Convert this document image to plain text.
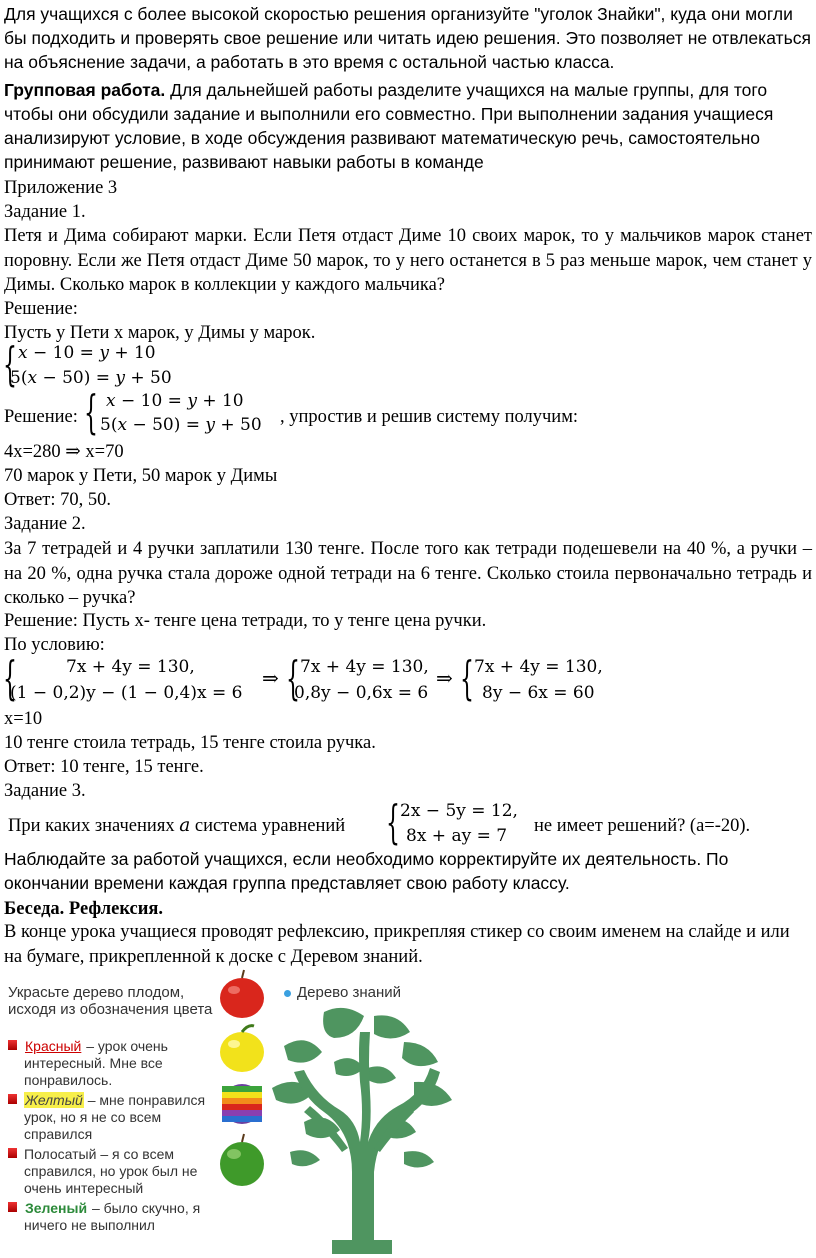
Для учащихся с более высокой скоростью решения организуйте "уголок Знайки", куда они могли бы подходить и проверять свое решение или читать идею решения. Это позволяет не отвлекаться на объяснение задачи, а работать в это время с остальной частью класса.

Групповая работа. Для дальнейшей работы разделите учащихся на малые группы, для того чтобы они обсудили задание и выполнили его совместно. При выполнении задания учащиеся анализируют условие, в ходе обсуждения развивают математическую речь, самостоятельно принимают решение, развивают навыки работы в команде

Приложение 3
Задание 1.

Петя и Дима собирают марки. Если Петя отдаст Диме 10 своих марок, то у мальчиков марок станет поровну. Если же Петя отдаст Диме 50 марок, то у него останется в 5 раз меньше марок, чем станет у Димы. Сколько марок в коллекции у каждого мальчика?

Решение:
Пусть у Пети x марок, у Димы y марок.
{ 𝑥 − 10 = 𝑦 + 10
5(𝑥 − 50) = 𝑦 + 50
Решение: { 𝑥 − 10 = 𝑦 + 10
5(𝑥 − 50) = 𝑦 + 50 , упростив и решив систему получим:
4x=280 ⇒ x=70
70 марок у Пети, 50 марок у Димы
Ответ: 70, 50.
Задание 2.

За 7 тетрадей и 4 ручки заплатили 130 тенге. После того как тетради подешевели на 40 %, а ручки – на 20 %, одна ручка стала дороже одной тетради на 6 тенге. Сколько стоила первоначально тетрадь и сколько – ручка?

Решение: Пусть x- тенге цена тетради, то у тенге цена ручки.
По условию:
{	7x + 4y = 130,
(1 − 0,2)y − (1 − 0,4)x = 6
⇒ { 7x + 4y = 130,
0,8y − 0,6x = 6
⇒ { 7x + 4y = 130,
8y − 6x = 60
x=10
10 тенге стоила тетрадь, 15 тенге стоила ручка.
Ответ: 10 тенге, 15 тенге.
Задание 3.
При каких значениях 𝑎 система уравнений { 2x − 5y = 12,
8x + ay = 7 не имеет решений? (а=-20).

Наблюдайте за работой учащихся, если необходимо корректируйте их деятельность. По окончании времени каждая группа представляет свою работу классу.

Беседа. Рефлексия.

В конце урока учащиеся проводят рефлексию, прикрепляя стикер со своим именем на слайде и или на бумаге, прикрепленной к доске с Деревом знаний.

Украсьте дерево плодом, исходя из обозначения цвета
Красный – урок очень интересный. Мне все понравилось.
Желтый – мне понравился урок, но я не со всем справился
Полосатый – я со всем справился, но урок был не очень интересный
Зеленый – было скучно, я ничего не выполнил
Дерево знаний
